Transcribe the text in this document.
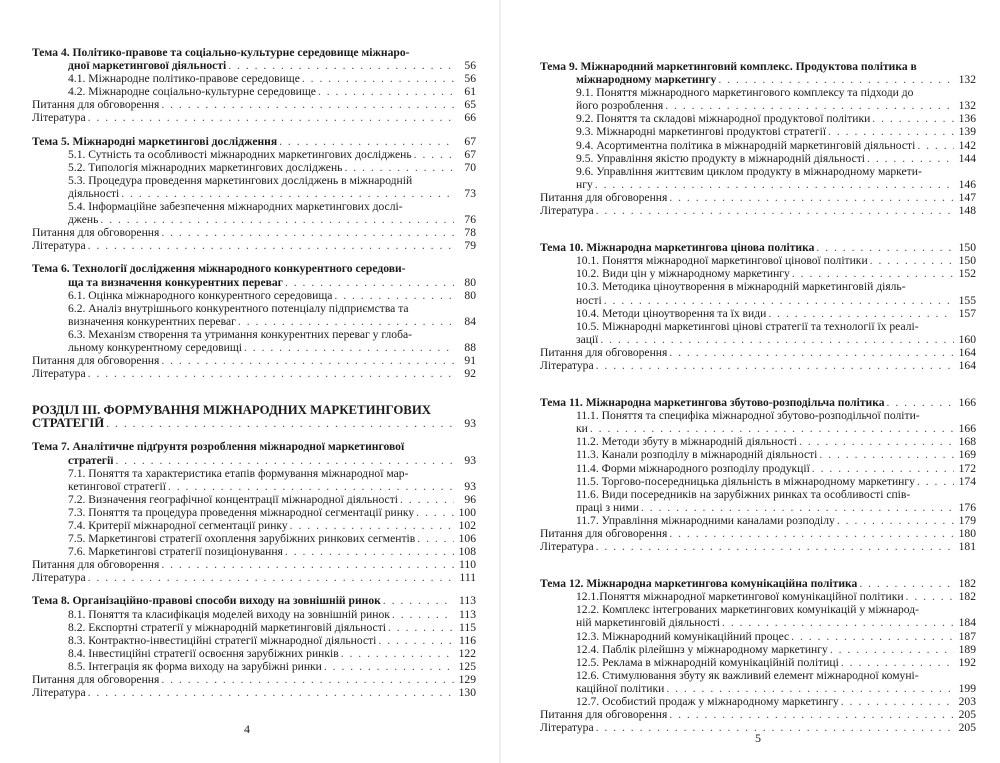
Тема 4. Політико-правове та соціально-культурне середовище міжнаро-
дної маркетингової діяльності . . .	56
4.1. Міжнародне політико-правове середовище . . .	56
4.2. Міжнародне соціально-культурне середовище . . .	61
Питання для обговорення . . .	65
Література . . .	66
Тема 5. Міжнародні маркетингові дослідження . . .	67
5.1. Сутність та особливості міжнародних маркетингових досліджень . . .	67
5.2. Типологія міжнародних маркетингових досліджень . . .	70
5.3. Процедура проведення маркетингових досліджень в міжнародній
діяльності . . .	73
5.4. Інформаційне забезпечення міжнародних маркетингових дослі-
джень . . .	76
Питання для обговорення . . .	78
Література . . .	79
Тема 6. Технології дослідження міжнародного конкурентного середови-
ща та визначення конкурентних переваг . . .	80
6.1. Оцінка міжнародного конкурентного середовища . . .	80
6.2. Аналіз внутрішнього конкурентного потенціалу підприємства та
визначення конкурентних переваг . . .	84
6.3. Механізм створення та утримання конкурентних переваг у глоба-
льному конкурентному середовищі . . .	88
Питання для обговорення . . .	91
Література . . .	92
РОЗДІЛ III. ФОРМУВАННЯ МІЖНАРОДНИХ МАРКЕТИНГОВИХ
СТРАТЕГІЙ . . .	93
Тема 7. Аналітичне підґрунтя розроблення міжнародної маркетингової
стратегії . . .	93
7.1. Поняття та характеристика етапів формування міжнародної мар-
кетингової стратегії . . .	93
7.2. Визначення географічної концентрації міжнародної діяльності . . .	96
7.3. Поняття та процедура проведення міжнародної сегментації ринку . . .	100
7.4. Критерії міжнародної сегментації ринку . . .	102
7.5. Маркетингові стратегії охоплення зарубіжних ринкових сегментів . . .	106
7.6. Маркетингові стратегії позиціонування . . .	108
Питання для обговорення . . .	110
Література . . .	111
Тема 8. Організаційно-правові способи виходу на зовнішній ринок . . .	113
8.1. Поняття та класифікація моделей виходу на зовнішній ринок . . .	113
8.2. Експортні стратегії у міжнародній маркетинговій діяльності . . .	115
8.3. Контрактно-інвестиційні стратегії міжнародної діяльності . . .	116
8.4. Інвестиційні стратегії освоєння зарубіжних ринків . . .	122
8.5. Інтеграція як форма виходу на зарубіжні ринки . . .	125
Питання для обговорення . . .	129
Література . . .	130
4
Тема 9. Міжнародний маркетинговий комплекс. Продуктова політика в
міжнародному маркетингу . . .	132
9.1. Поняття міжнародного маркетингового комплексу та підходи до
його розроблення . . .	132
9.2. Поняття та складові міжнародної продуктової політики . . .	136
9.3. Міжнародні маркетингові продуктові стратегії . . .	139
9.4. Асортиментна політика в міжнародній маркетинговій діяльності . . .	142
9.5. Управління якістю продукту в міжнародній діяльності . . .	144
9.6. Управління життєвим циклом продукту в міжнародному маркети-
нгу . . .	146
Питання для обговорення . . .	147
Література . . .	148
Тема 10. Міжнародна маркетингова цінова політика . . .	150
10.1. Поняття міжнародної маркетингової цінової політики . . .	150
10.2. Види цін у міжнародному маркетингу . . .	152
10.3. Методика ціноутворення в міжнародній маркетинговій діяль-
ності . . .	155
10.4. Методи ціноутворення та їх види . . .	157
10.5. Міжнародні маркетингові цінові стратегії та технології їх реалі-
зації . . .	160
Питання для обговорення . . .	164
Література . . .	164
Тема 11. Міжнародна маркетингова збутово-розподільча політика . . .	166
11.1. Поняття та специфіка міжнародної збутово-розподільчої політи-
ки . . .	166
11.2. Методи збуту в міжнародній діяльності . . .	168
11.3. Канали розподілу в міжнародній діяльності . . .	169
11.4. Форми міжнародного розподілу продукції . . .	172
11.5. Торгово-посередницька діяльність в міжнародному маркетингу . . .	174
11.6. Види посередників на зарубіжних ринках та особливості спів-
праці з ними . . .	176
11.7. Управління міжнародними каналами розподілу . . .	179
Питання для обговорення . . .	180
Література . . .	181
Тема 12. Міжнародна маркетингова комунікаційна політика . . .	182
12.1.Поняття міжнародної маркетингової комунікаційної політики . . .	182
12.2. Комплекс інтегрованих маркетингових комунікацій у міжнарод-
ній маркетинговій діяльності . . .	184
12.3. Міжнародний комунікаційний процес . . .	187
12.4. Паблік рілейшнз у міжнародному маркетингу . . .	189
12.5. Реклама в міжнародній комунікаційній політиці . . .	192
12.6. Стимулювання збуту як важливий елемент міжнародної комуні-
каційної політики . . .	199
12.7. Особистий продаж у міжнародному маркетингу . . .	203
Питання для обговорення . . .	205
Література . . .	205
5
